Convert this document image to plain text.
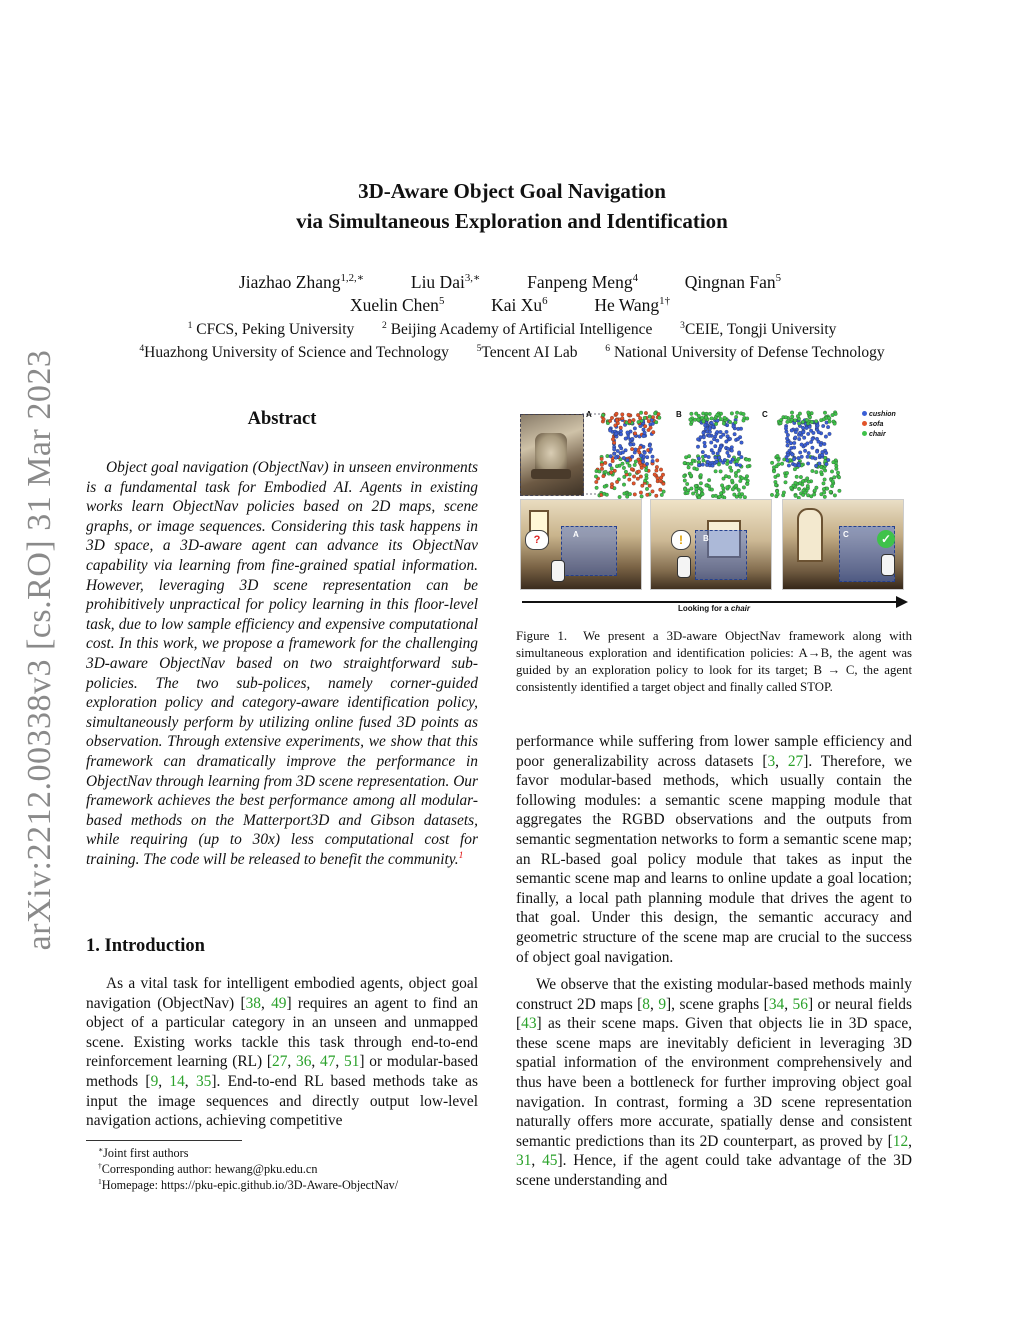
arXiv:2212.00338v3 [cs.RO] 31 Mar 2023
3D-Aware Object Goal Navigation
via Simultaneous Exploration and Identification
Jiazhao Zhang$^{1,2,∗}$	Liu Dai$^{3,∗}$	Fanpeng Meng$^4$	Qingnan Fan$^5$
Xuelin Chen$^5$	Kai Xu$^6$	He Wang$^{1\dagger}$
$^1$ CFCS, Peking University	$^2$ Beijing Academy of Artificial Intelligence	$^3$CEIE, Tongji University
$^4$Huazhong University of Science and Technology	$^5$Tencent AI Lab	$^6$ National University of Defense Technology
Abstract
Object goal navigation (ObjectNav) in unseen environments is a fundamental task for Embodied AI. Agents in existing works learn ObjectNav policies based on 2D maps, scene graphs, or image sequences. Considering this task happens in 3D space, a 3D-aware agent can advance its ObjectNav capability via learning from fine-grained spatial information. However, leveraging 3D scene representation can be prohibitively unpractical for policy learning in this floor-level task, due to low sample efficiency and expensive computational cost. In this work, we propose a framework for the challenging 3D-aware ObjectNav based on two straightforward sub-policies. The two sub-polices, namely corner-guided exploration policy and category-aware identification policy, simultaneously perform by utilizing online fused 3D points as observation. Through extensive experiments, we show that this framework can dramatically improve the performance in ObjectNav through learning from 3D scene representation. Our framework achieves the best performance among all modular-based methods on the Matterport3D and Gibson datasets, while requiring (up to 30x) less computational cost for training. The code will be released to benefit the community.$^1$
1. Introduction
As a vital task for intelligent embodied agents, object goal navigation (ObjectNav) [38, 49] requires an agent to find an object of a particular category in an unseen and unmapped scene. Existing works tackle this task through end-to-end reinforcement learning (RL) [27, 36, 47, 51] or modular-based methods [9, 14, 35]. End-to-end RL based methods take as input the image sequences and directly output low-level navigation actions, achieving competitive
∗Joint first authors
†Corresponding author: hewang@pku.edu.cn
$^1$Homepage: https://pku-epic.github.io/3D-Aware-ObjectNav/
A	B	C	cushion
sofa
chair
A
?	B
!	C	✓
Looking for a chair
Figure 1. We present a 3D-aware ObjectNav framework along with simultaneous exploration and identification policies: A→B, the agent was guided by an exploration policy to look for its target; B → C, the agent consistently identified a target object and finally called STOP.
performance while suffering from lower sample efficiency and poor generalizability across datasets [3, 27]. Therefore, we favor modular-based methods, which usually contain the following modules: a semantic scene mapping module that aggregates the RGBD observations and the outputs from semantic segmentation networks to form a semantic scene map; an RL-based goal policy module that takes as input the semantic scene map and learns to online update a goal location; finally, a local path planning module that drives the agent to that goal. Under this design, the semantic accuracy and geometric structure of the scene map are crucial to the success of object goal navigation.
We observe that the existing modular-based methods mainly construct 2D maps [8, 9], scene graphs [34, 56] or neural fields [43] as their scene maps. Given that objects lie in 3D space, these scene maps are inevitably deficient in leveraging 3D spatial information of the environment comprehensively and thus have been a bottleneck for further improving object goal navigation. In contrast, forming a 3D scene representation naturally offers more accurate, spatially dense and consistent semantic predictions than its 2D counterpart, as proved by [12, 31, 45]. Hence, if the agent could take advantage of the 3D scene understanding and
